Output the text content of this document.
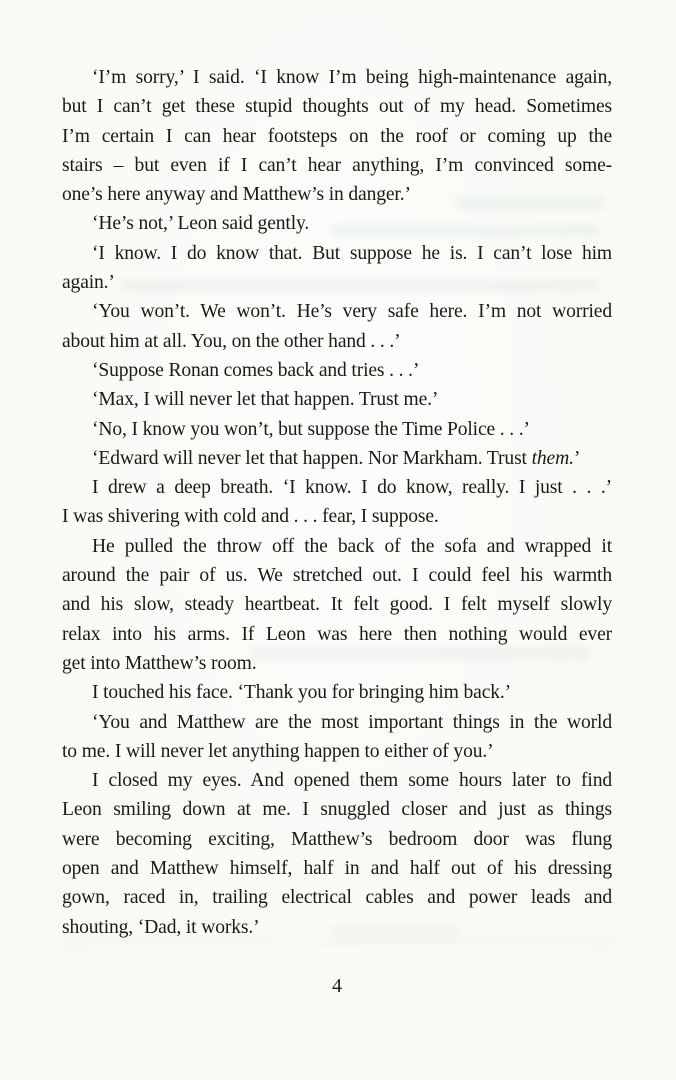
‘I’m sorry,’ I said. ‘I know I’m being high-maintenance again,
but I can’t get these stupid thoughts out of my head. Sometimes
I’m certain I can hear footsteps on the roof or coming up the
stairs – but even if I can’t hear anything, I’m convinced some-
one’s here anyway and Matthew’s in danger.’
‘He’s not,’ Leon said gently.
‘I know. I do know that. But suppose he is. I can’t lose him
again.’
‘You won’t. We won’t. He’s very safe here. I’m not worried
about him at all. You, on the other hand . . .’
‘Suppose Ronan comes back and tries . . .’
‘Max, I will never let that happen. Trust me.’
‘No, I know you won’t, but suppose the Time Police . . .’
‘Edward will never let that happen. Nor Markham. Trust them.’
I drew a deep breath. ‘I know. I do know, really. I just . . .’
I was shivering with cold and . . . fear, I suppose.
He pulled the throw off the back of the sofa and wrapped it
around the pair of us. We stretched out. I could feel his warmth
and his slow, steady heartbeat. It felt good. I felt myself slowly
relax into his arms. If Leon was here then nothing would ever
get into Matthew’s room.
I touched his face. ‘Thank you for bringing him back.’
‘You and Matthew are the most important things in the world
to me. I will never let anything happen to either of you.’
I closed my eyes. And opened them some hours later to find
Leon smiling down at me. I snuggled closer and just as things
were becoming exciting, Matthew’s bedroom door was flung
open and Matthew himself, half in and half out of his dressing
gown, raced in, trailing electrical cables and power leads and
shouting, ‘Dad, it works.’
4
